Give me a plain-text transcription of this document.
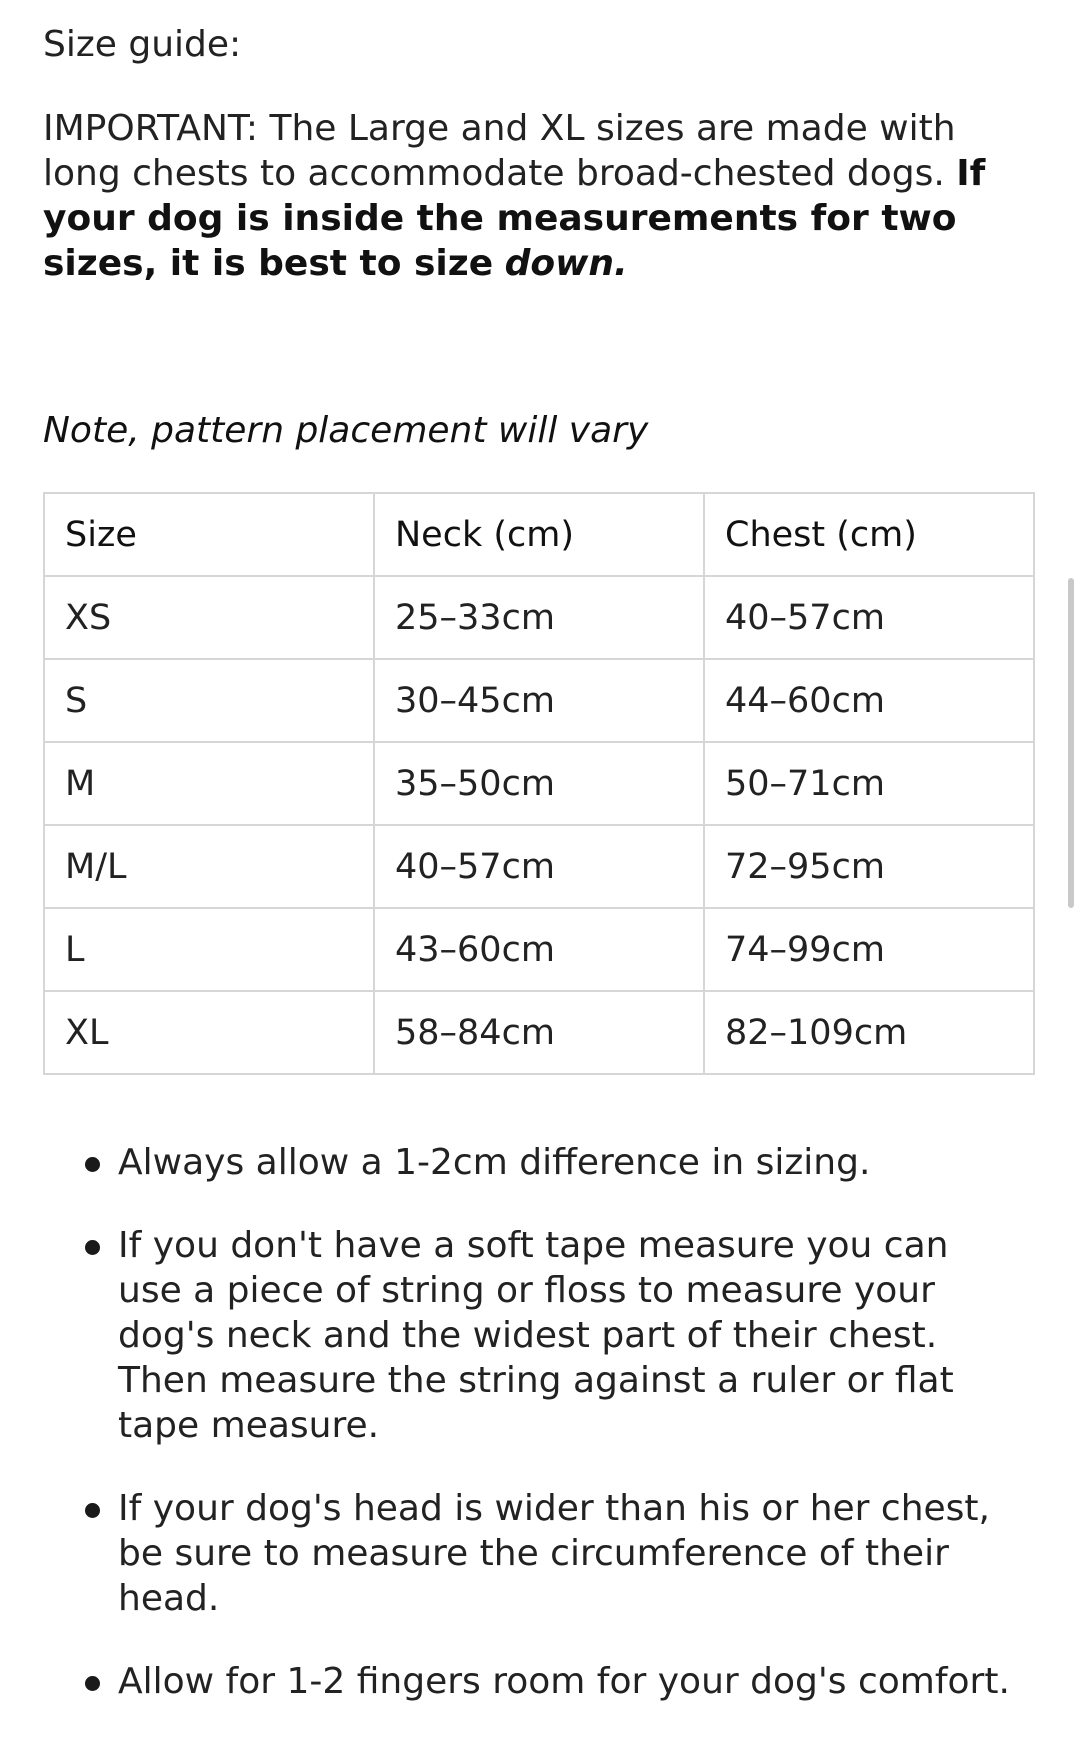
Size guide:
IMPORTANT: The Large and XL sizes are made with long chests to accommodate broad-chested dogs. If your dog is inside the measurements for two sizes, it is best to size down.
Note, pattern placement will vary
Size	Neck (cm)	Chest (cm)
XS	25–33cm	40–57cm
S	30–45cm	44–60cm
M	35–50cm	50–71cm
M/L	40–57cm	72–95cm
L	43–60cm	74–99cm
XL	58–84cm	82–109cm
Always allow a 1-2cm difference in sizing.
If you don't have a soft tape measure you can use a piece of string or floss to measure your dog's neck and the widest part of their chest. Then measure the string against a ruler or flat tape measure.
If your dog's head is wider than his or her chest, be sure to measure the circumference of their head.
Allow for 1-2 fingers room for your dog's comfort.
